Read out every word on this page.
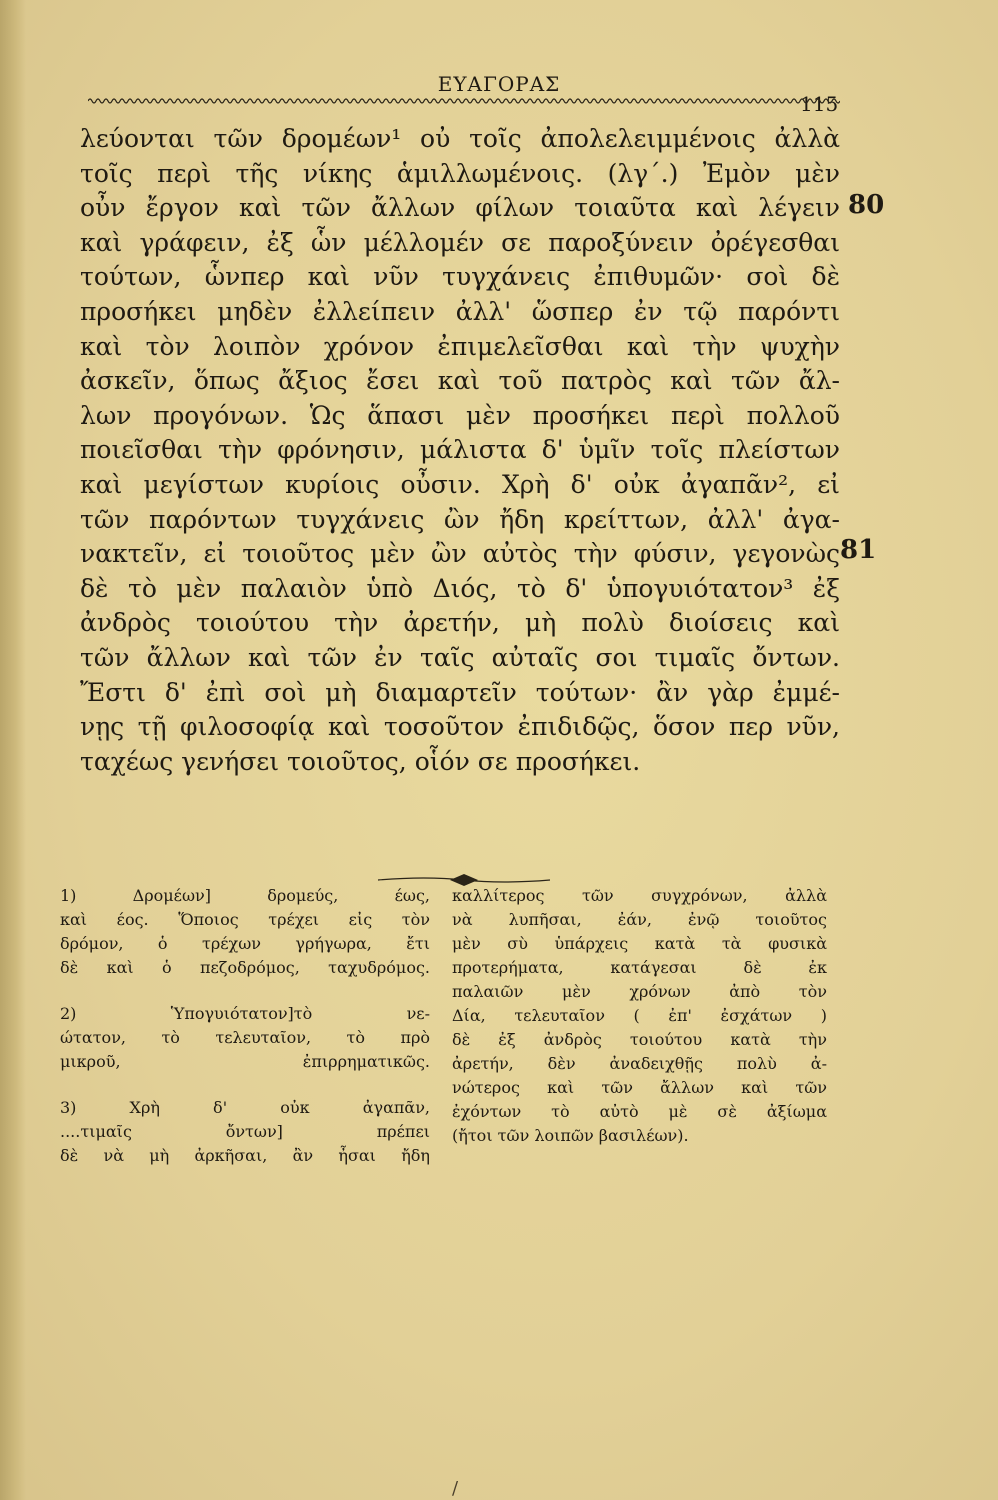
ΕΥΑΓΟΡΑΣ
115
λεύονται τῶν δρομέων¹ οὐ τοῖς ἀπολελειμμένοις ἀλλὰ
τοῖς περὶ τῆς νίκης ἁμιλλωμένοις. (λγ΄.) Ἐμὸν μὲν
οὖν ἔργον καὶ τῶν ἄλλων φίλων τοιαῦτα καὶ λέγειν
καὶ γράφειν, ἐξ ὧν μέλλομέν σε παροξύνειν ὀρέγεσθαι
τούτων, ὧνπερ καὶ νῦν τυγχάνεις ἐπιθυμῶν· σοὶ δὲ
προσήκει μηδὲν ἐλλείπειν ἀλλ' ὥσπερ ἐν τῷ παρόντι
καὶ τὸν λοιπὸν χρόνον ἐπιμελεῖσθαι καὶ τὴν ψυχὴν
ἀσκεῖν, ὅπως ἄξιος ἔσει καὶ τοῦ πατρὸς καὶ τῶν ἄλ-
λων προγόνων. Ὡς ἅπασι μὲν προσήκει περὶ πολλοῦ
ποιεῖσθαι τὴν φρόνησιν, μάλιστα δ' ὑμῖν τοῖς πλείστων
καὶ μεγίστων κυρίοις οὖσιν. Χρὴ δ' οὐκ ἀγαπᾶν², εἰ
τῶν παρόντων τυγχάνεις ὢν ἤδη κρείττων, ἀλλ' ἀγα-
νακτεῖν, εἰ τοιοῦτος μὲν ὢν αὐτὸς τὴν φύσιν, γεγονὼς
δὲ τὸ μὲν παλαιὸν ὑπὸ Διός, τὸ δ' ὑπογυιότατον³ ἐξ
ἀνδρὸς τοιούτου τὴν ἀρετήν, μὴ πολὺ διοίσεις καὶ
τῶν ἄλλων καὶ τῶν ἐν ταῖς αὐταῖς σοι τιμαῖς ὄντων.
Ἔστι δ' ἐπὶ σοὶ μὴ διαμαρτεῖν τούτων· ἂν γὰρ ἐμμέ-
νῃς τῇ φιλοσοφίᾳ καὶ τοσοῦτον ἐπιδιδῷς, ὅσον περ νῦν,
ταχέως γενήσει τοιοῦτος, οἷόν σε προσήκει.
80
81
1) Δρομέων] δρομεύς, έως,
καὶ έος. Ὅποιος τρέχει εἰς τὸν
δρόμον, ὁ τρέχων γρήγωρα, ἔτι
δὲ καὶ ὁ πεζοδρόμος, ταχυδρόμος.
2) Ὑπογυιότατον]τὸ νε-
ώτατον, τὸ τελευταῖον, τὸ πρὸ
μικροῦ, ἐπιρρηματικῶς.
3) Χρὴ δ' οὐκ ἀγαπᾶν,
....τιμαῖς ὄντων] πρέπει
δὲ νὰ μὴ ἀρκῆσαι, ἂν ἦσαι ἤδη
καλλίτερος τῶν συγχρόνων, ἀλλὰ
νὰ λυπῆσαι, ἐάν, ἐνῷ τοιοῦτος
μὲν σὺ ὑπάρχεις κατὰ τὰ φυσικὰ
προτερήματα, κατάγεσαι δὲ ἐκ
παλαιῶν μὲν χρόνων ἀπὸ τὸν
Δία, τελευταῖον ( ἐπ' ἐσχάτων )
δὲ ἐξ ἀνδρὸς τοιούτου κατὰ τὴν
ἀρετήν, δὲν ἀναδειχθῇς πολὺ ἀ-
νώτερος καὶ τῶν ἄλλων καὶ τῶν
ἐχόντων τὸ αὐτὸ μὲ σὲ ἀξίωμα
(ἤτοι τῶν λοιπῶν βασιλέων).
/
